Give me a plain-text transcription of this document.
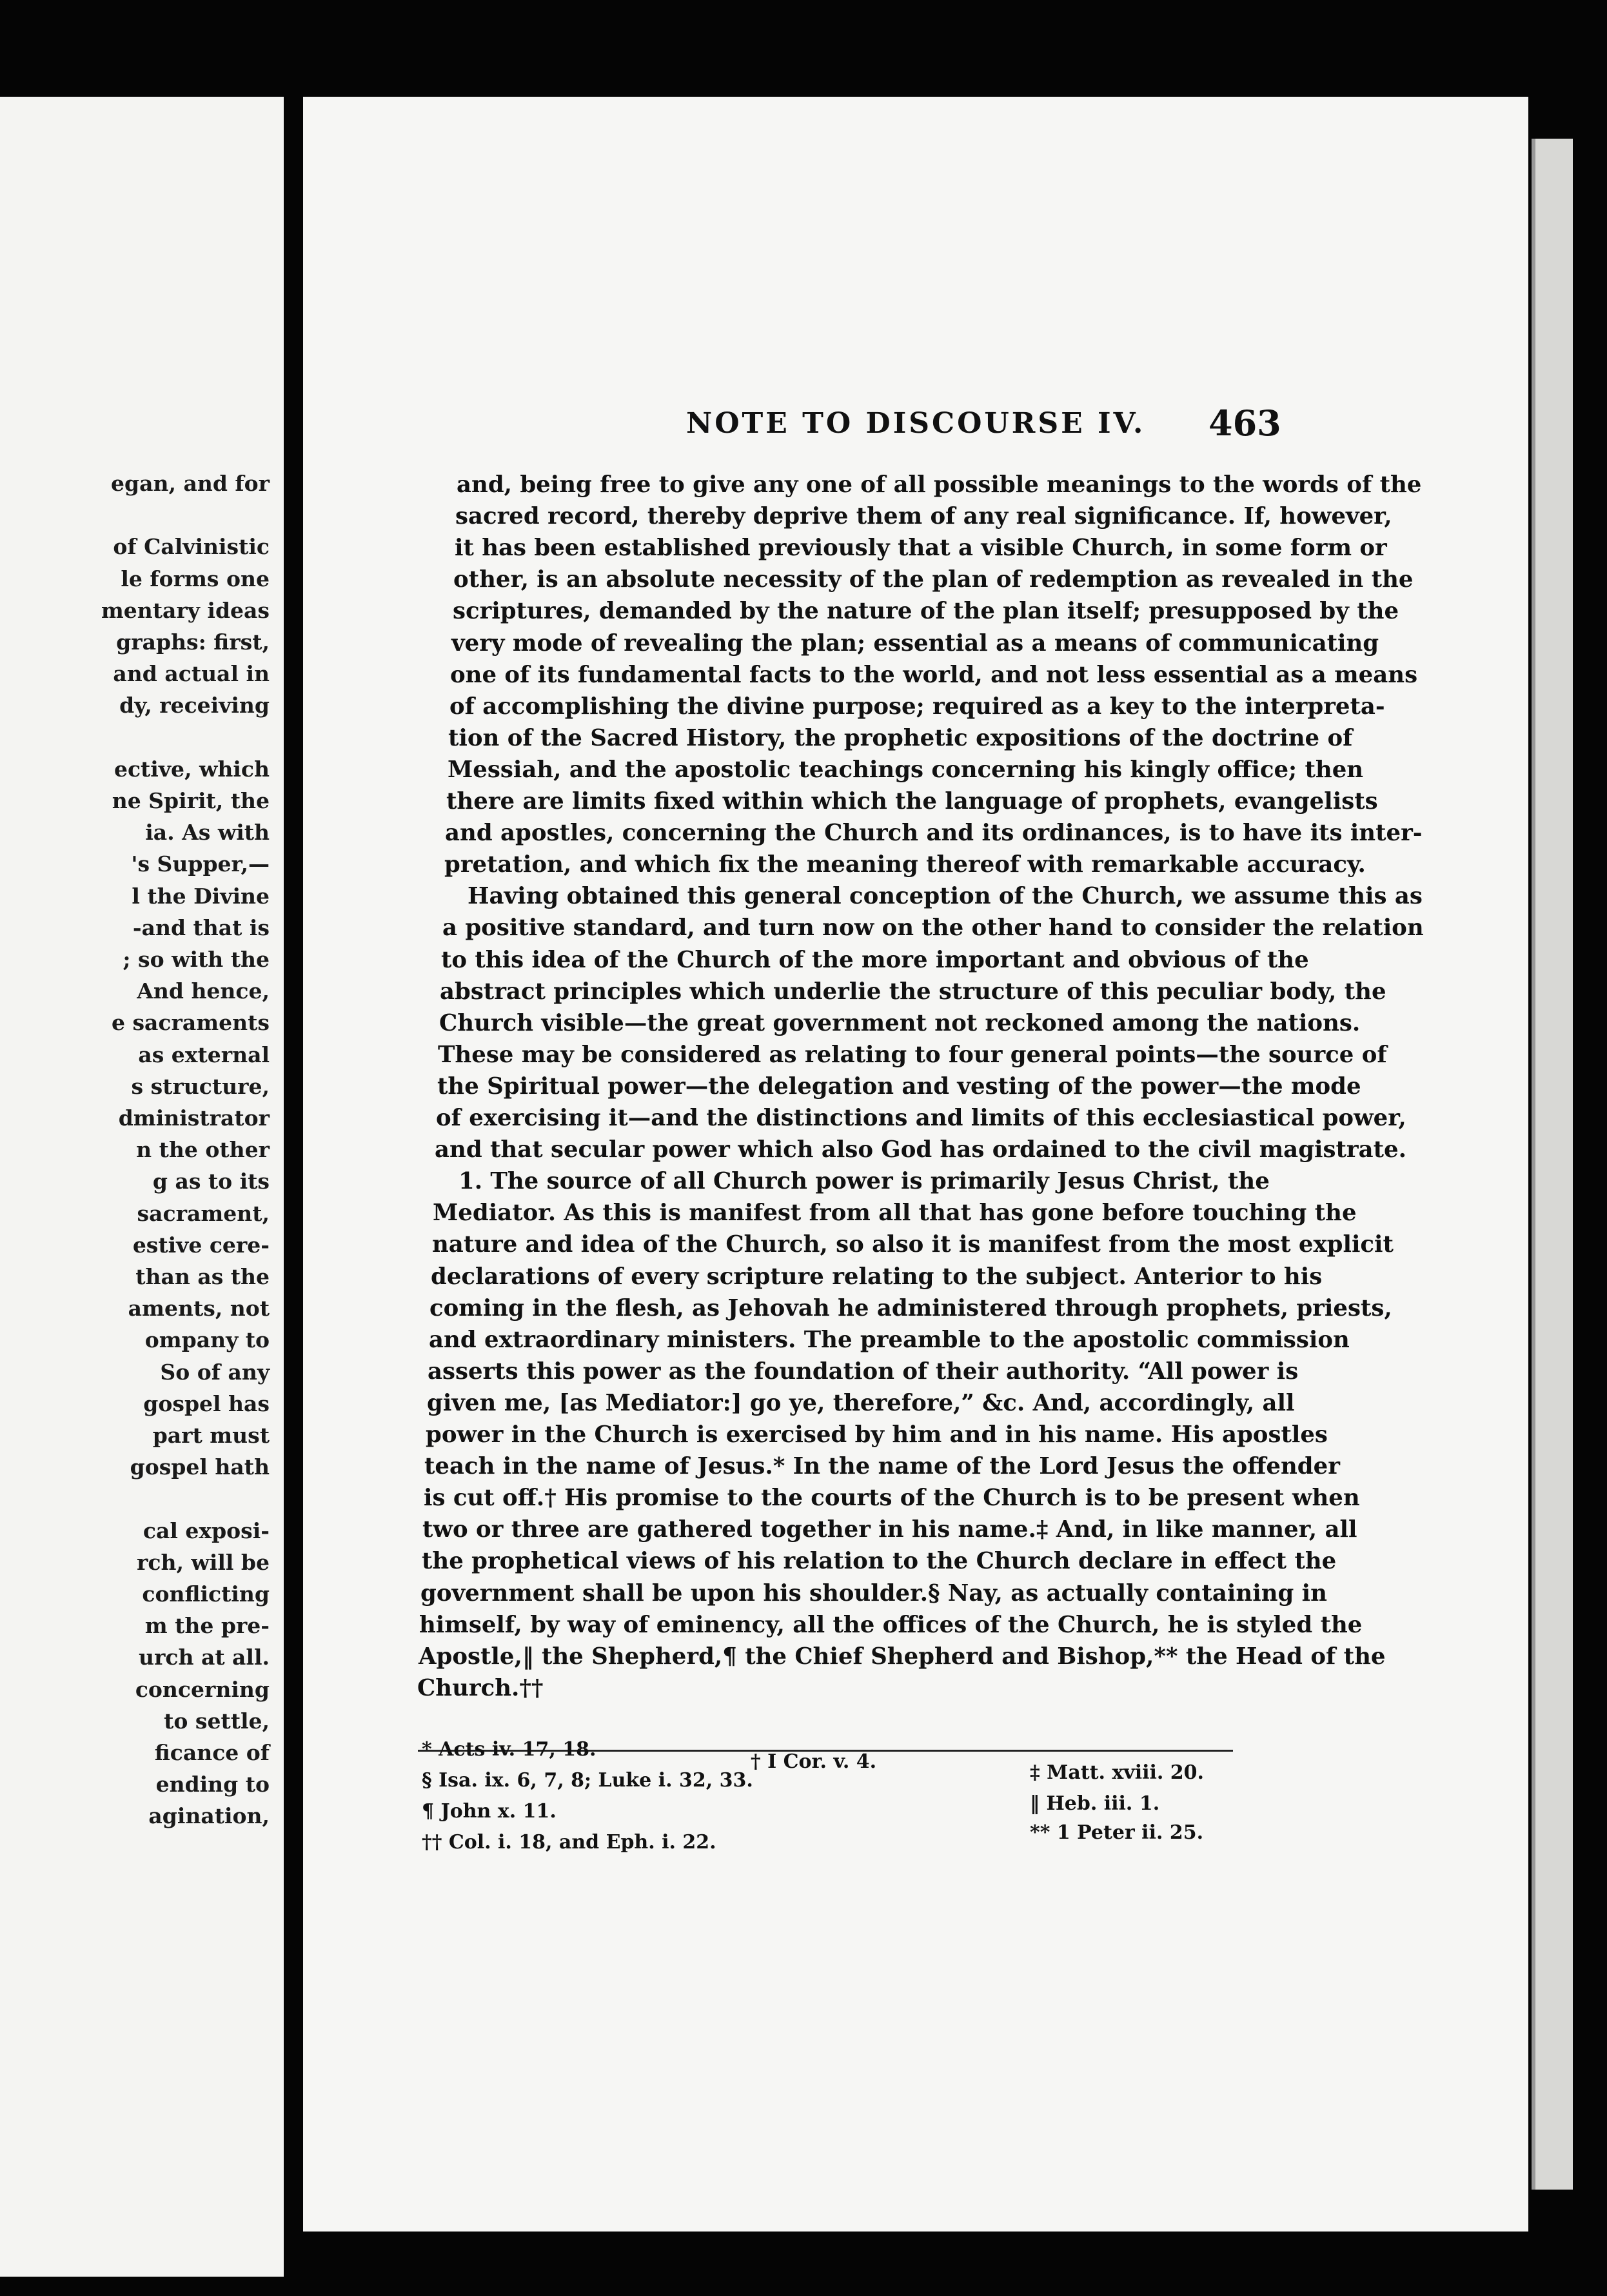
egan, and for
of Calvinistic
le forms one
mentary ideas
graphs: first,
and actual in
dy, receiving
ective, which
ne Spirit, the
ia. As with
's Supper,—
l the Divine
-and that is
; so with the
And hence,
e sacraments
as external
s structure,
dministrator
n the other
g as to its
sacrament,
estive cere-
than as the
aments, not
ompany to
So of any
gospel has
part must
gospel hath
cal exposi-
rch, will be
conflicting
m the pre-
urch at all.
concerning
to settle,
ficance of
ending to
agination,
NOTE TO DISCOURSE IV. 463
and, being free to give any one of all possible meanings to the words of the
sacred record, thereby deprive them of any real significance. If, however,
it has been established previously that a visible Church, in some form or
other, is an absolute necessity of the plan of redemption as revealed in the
scriptures, demanded by the nature of the plan itself; presupposed by the
very mode of revealing the plan; essential as a means of communicating
one of its fundamental facts to the world, and not less essential as a means
of accomplishing the divine purpose; required as a key to the interpreta-
tion of the Sacred History, the prophetic expositions of the doctrine of
Messiah, and the apostolic teachings concerning his kingly office; then
there are limits fixed within which the language of prophets, evangelists
and apostles, concerning the Church and its ordinances, is to have its inter-
pretation, and which fix the meaning thereof with remarkable accuracy.
Having obtained this general conception of the Church, we assume this as
a positive standard, and turn now on the other hand to consider the relation
to this idea of the Church of the more important and obvious of the
abstract principles which underlie the structure of this peculiar body, the
Church visible—the great government not reckoned among the nations.
These may be considered as relating to four general points—the source of
the Spiritual power—the delegation and vesting of the power—the mode
of exercising it—and the distinctions and limits of this ecclesiastical power,
and that secular power which also God has ordained to the civil magistrate.
1. The source of all Church power is primarily Jesus Christ, the
Mediator. As this is manifest from all that has gone before touching the
nature and idea of the Church, so also it is manifest from the most explicit
declarations of every scripture relating to the subject. Anterior to his
coming in the flesh, as Jehovah he administered through prophets, priests,
and extraordinary ministers. The preamble to the apostolic commission
asserts this power as the foundation of their authority. “All power is
given me, [as Mediator:] go ye, therefore,” &c. And, accordingly, all
power in the Church is exercised by him and in his name. His apostles
teach in the name of Jesus.* In the name of the Lord Jesus the offender
is cut off.† His promise to the courts of the Church is to be present when
two or three are gathered together in his name.‡ And, in like manner, all
the prophetical views of his relation to the Church declare in effect the
government shall be upon his shoulder.§ Nay, as actually containing in
himself, by way of eminency, all the offices of the Church, he is styled the
Apostle,‖ the Shepherd,¶ the Chief Shepherd and Bishop,** the Head of the
Church.††
* Acts iv. 17, 18.
† I Cor. v. 4.	‡ Matt. xviii. 20.
§ Isa. ix. 6, 7, 8; Luke i. 32, 33.
‖ Heb. iii. 1.
¶ John x. 11.
** 1 Peter ii. 25.
†† Col. i. 18, and Eph. i. 22.
